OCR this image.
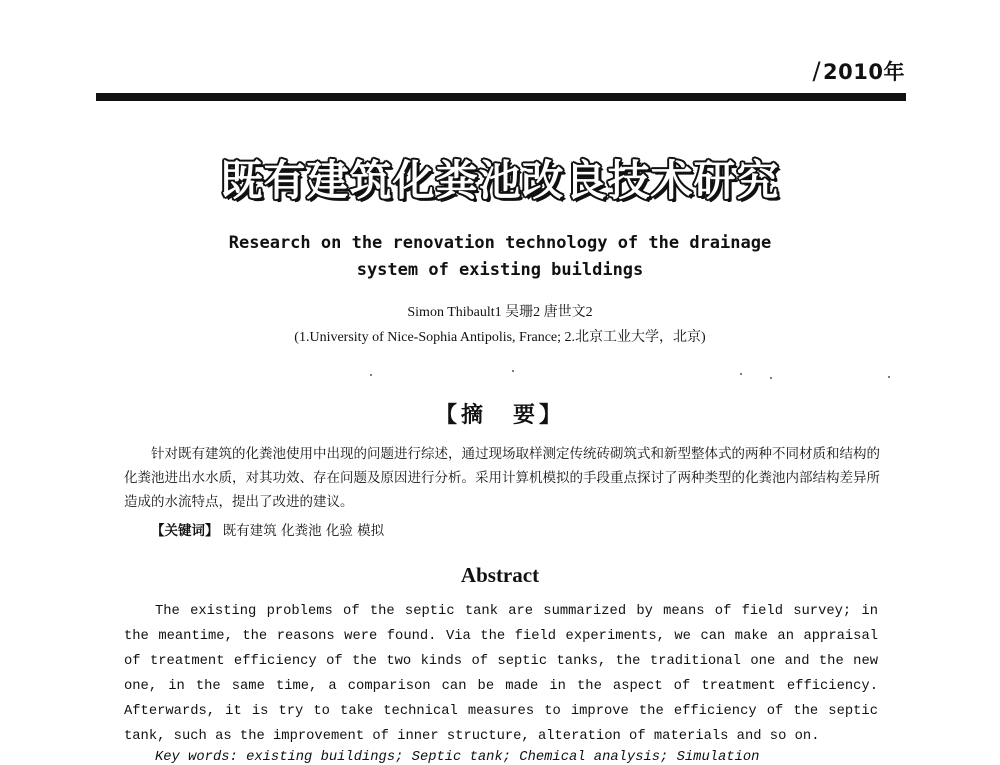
/2010年
既有建筑化粪池改良技术研究
Research on the renovation technology of the drainage
system of existing buildings
Simon Thibault1 吴珊2 唐世文2
(1.University of Nice-Sophia Antipolis, France; 2.北京工业大学，北京)
【摘　要】

针对既有建筑的化粪池使用中出现的问题进行综述，通过现场取样测定传统砖砌筑式和新型整体式的两种不同材质和结构的化粪池进出水水质，对其功效、存在问题及原因进行分析。采用计算机模拟的手段重点探讨了两种类型的化粪池内部结构差异所造成的水流特点，提出了改进的建议。

【关键词】 既有建筑 化粪池 化验 模拟
Abstract

The existing problems of the septic tank are summarized by means of field survey; in the meantime, the reasons were found. Via the field experiments, we can make an appraisal of treatment efficiency of the two kinds of septic tanks, the traditional one and the new one, in the same time, a comparison can be made in the aspect of treatment efficiency. Afterwards, it is try to take technical measures to improve the efficiency of the septic tank, such as the improvement of inner structure, alteration of materials and so on.

Key words: existing buildings; Septic tank; Chemical analysis; Simulation
